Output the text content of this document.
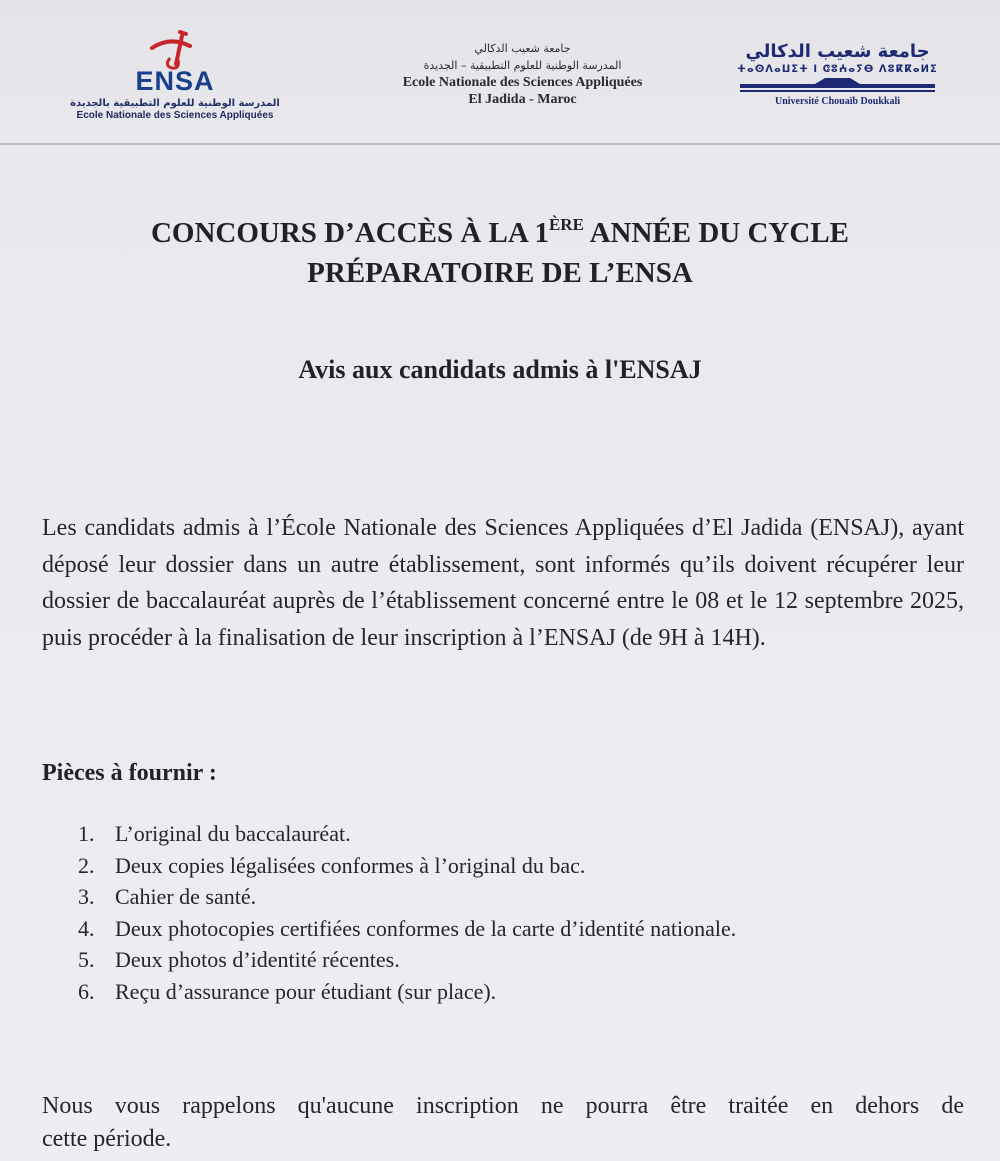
ENSA
المدرسة الوطنية للعلوم التطبيقية بالجديدة
Ecole Nationale des Sciences Appliquées
جامعة شعيب الدكالي
المدرسة الوطنية للعلوم التطبيقية – الجديدة
Ecole Nationale des Sciences Appliquées
El Jadida - Maroc
جامعة شعيب الدكالي
ⵜⴰⵙⴷⴰⵡⵉⵜ ⵏ ⵛⵓⵄⴰⵢⴱ ⴷⵓⴽⴽⴰⵍⵉ
Université Chouaïb Doukkali
CONCOURS D’ACCÈS À LA 1ÈRE ANNÉE DU CYCLE
PRÉPARATOIRE DE L’ENSA
Avis aux candidats admis à l'ENSAJ

Les candidats admis à l’École Nationale des Sciences Appliquées d’El Jadida (ENSAJ), ayant déposé leur dossier dans un autre établissement, sont informés qu’ils doivent récupérer leur dossier de baccalauréat auprès de l’établissement concerné entre le 08 et le 12 septembre 2025, puis procéder à la finalisation de leur inscription à l’ENSAJ (de 9H à 14H).

Pièces à fournir :
1. L’original du baccalauréat.
2. Deux copies légalisées conformes à l’original du bac.
3. Cahier de santé.
4. Deux photocopies certifiées conformes de la carte d’identité nationale.
5. Deux photos d’identité récentes.
6. Reçu d’assurance pour étudiant (sur place).
Nous vous rappelons qu'aucune inscription ne pourra être traitée en dehors de
cette période.
